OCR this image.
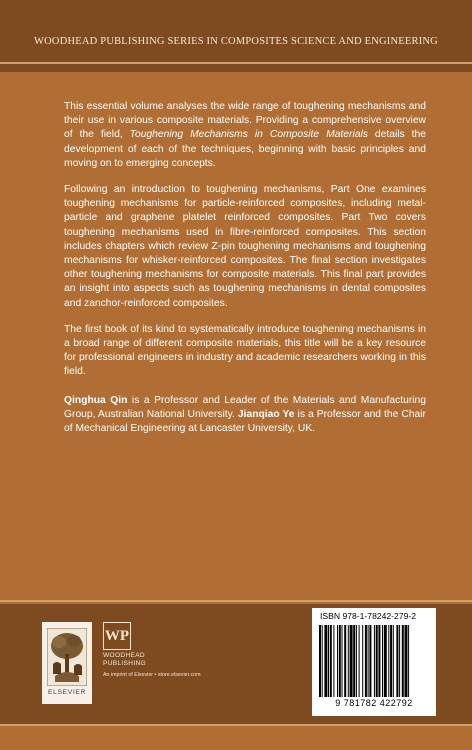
WOODHEAD PUBLISHING SERIES IN COMPOSITES SCIENCE AND ENGINEERING

This essential volume analyses the wide range of toughening mechanisms and their use in various composite materials. Providing a comprehensive overview of the field, Toughening Mechanisms in Composite Materials details the development of each of the techniques, beginning with basic principles and moving on to emerging concepts.

Following an introduction to toughening mechanisms, Part One examines toughening mechanisms for particle-reinforced composites, including metal-particle and graphene platelet reinforced composites. Part Two covers toughening mechanisms used in fibre-reinforced composites. This section includes chapters which review Z-pin toughening mechanisms and toughening mechanisms for whisker-reinforced composites. The final section investigates other toughening mechanisms for composite materials. This final part provides an insight into aspects such as toughening mechanisms in dental composites and zanchor-reinforced composites.

The first book of its kind to systematically introduce toughening mechanisms in a broad range of different composite materials, this title will be a key resource for professional engineers in industry and academic researchers working in this field.

Qinghua Qin is a Professor and Leader of the Materials and Manufacturing Group, Australian National University. Jianqiao Ye is a Professor and the Chair of Mechanical Engineering at Lancaster University, UK.

ELSEVIER
WP
WOODHEAD
PUBLISHING
An imprint of Elsevier • store.elsevier.com
ISBN 978-1-78242-279-2
9 781782 422792
